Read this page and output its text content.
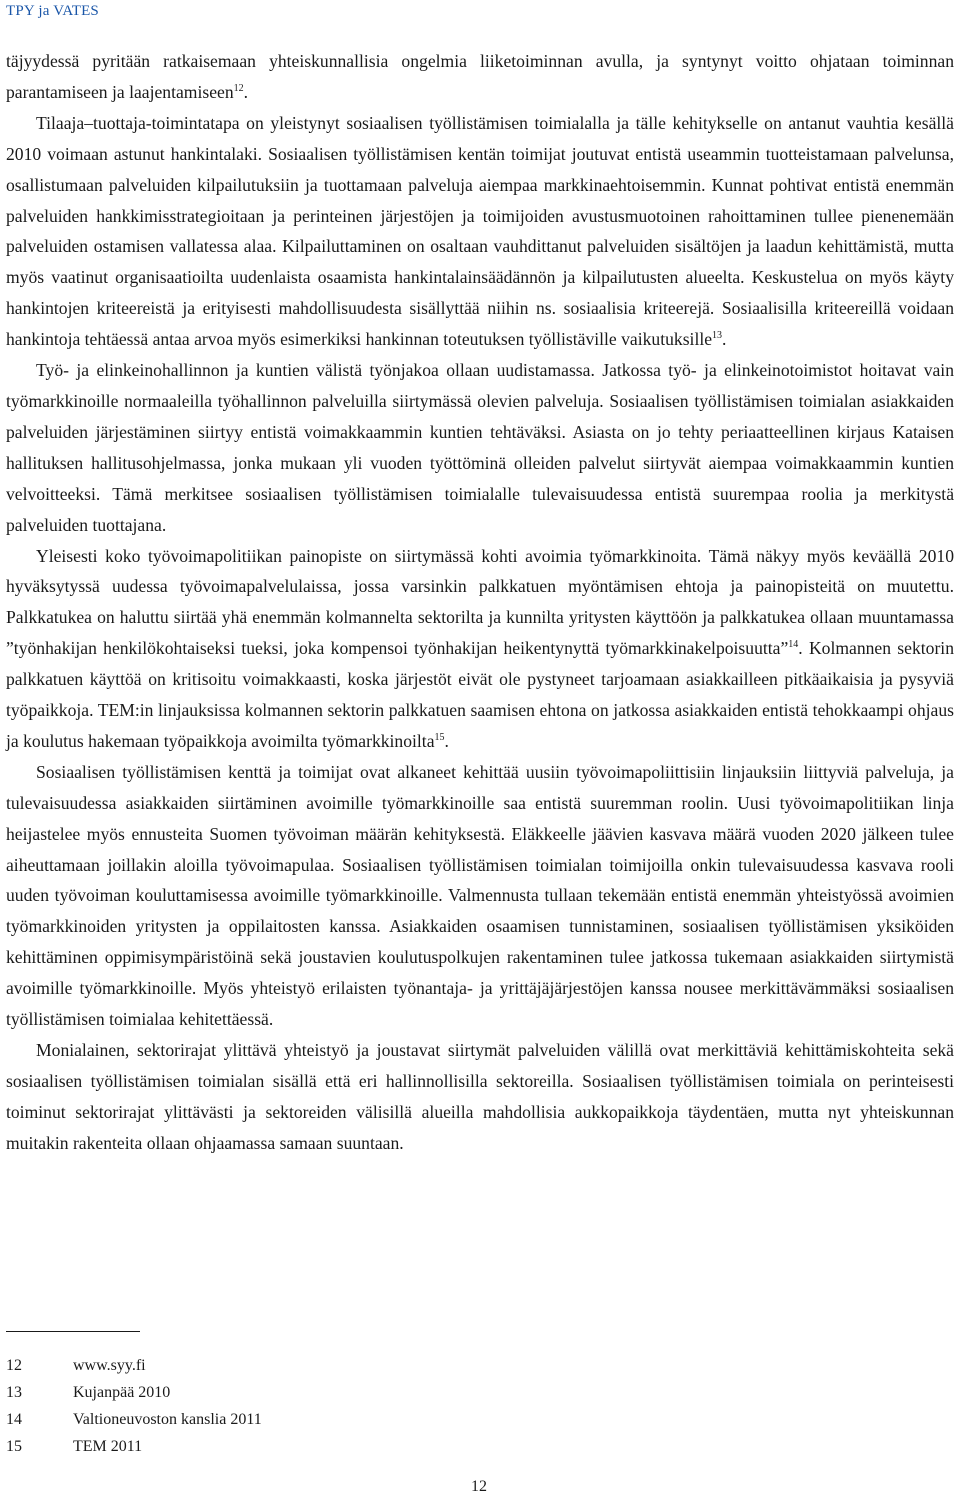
TPY ja VATES

täjyydessä pyritään ratkaisemaan yhteiskunnallisia ongelmia liiketoiminnan avulla, ja syntynyt voitto ohjataan toiminnan parantamiseen ja laajentamiseen$^{12}$.

Tilaaja–tuottaja-toimintatapa on yleistynyt sosiaalisen työllistämisen toimialalla ja tälle kehitykselle on antanut vauhtia kesällä 2010 voimaan astunut hankintalaki. Sosiaalisen työllistämisen kentän toimijat joutuvat entistä useammin tuotteistamaan palvelunsa, osallistumaan palveluiden kilpailutuksiin ja tuottamaan palveluja aiempaa markkinaehtoisemmin. Kunnat pohtivat entistä enemmän palveluiden hankkimisstrategioitaan ja perinteinen järjestöjen ja toimijoiden avustusmuotoinen rahoittaminen tullee pienenemään palveluiden ostamisen vallatessa alaa. Kilpailuttaminen on osaltaan vauhdittanut palveluiden sisältöjen ja laadun kehittämistä, mutta myös vaatinut organisaatioilta uudenlaista osaamista hankintalainsäädännön ja kilpailutusten alueelta. Keskustelua on myös käyty hankintojen kriteereistä ja erityisesti mahdollisuudesta sisällyttää niihin ns. sosiaalisia kriteerejä. Sosiaalisilla kriteereillä voidaan hankintoja tehtäessä antaa arvoa myös esimerkiksi hankinnan toteutuksen työllistäville vaikutuksille$^{13}$.

Työ- ja elinkeinohallinnon ja kuntien välistä työnjakoa ollaan uudistamassa. Jatkossa työ- ja elinkeinotoimistot hoitavat vain työmarkkinoille normaaleilla työhallinnon palveluilla siirtymässä olevien palveluja. Sosiaalisen työllistämisen toimialan asiakkaiden palveluiden järjestäminen siirtyy entistä voimakkaammin kuntien tehtäväksi. Asiasta on jo tehty periaatteellinen kirjaus Kataisen hallituksen hallitusohjelmassa, jonka mukaan yli vuoden työttöminä olleiden palvelut siirtyvät aiempaa voimakkaammin kuntien velvoitteeksi. Tämä merkitsee sosiaalisen työllistämisen toimialalle tulevaisuudessa entistä suurempaa roolia ja merkitystä palveluiden tuottajana.

Yleisesti koko työvoimapolitiikan painopiste on siirtymässä kohti avoimia työmarkkinoita. Tämä näkyy myös keväällä 2010 hyväksytyssä uudessa työvoimapalvelulaissa, jossa varsinkin palkkatuen myöntämisen ehtoja ja painopisteitä on muutettu. Palkkatukea on haluttu siirtää yhä enemmän kolmannelta sektorilta ja kunnilta yritysten käyttöön ja palkkatukea ollaan muuntamassa ”työnhakijan henkilökohtaiseksi tueksi, joka kompensoi työnhakijan heikentynyttä työmarkkinakelpoisuutta”$^{14}$. Kolmannen sektorin palkkatuen käyttöä on kritisoitu voimakkaasti, koska järjestöt eivät ole pystyneet tarjoamaan asiakkailleen pitkäaikaisia ja pysyviä työpaikkoja. TEM:in linjauksissa kolmannen sektorin palkkatuen saamisen ehtona on jatkossa asiakkaiden entistä tehokkaampi ohjaus ja koulutus hakemaan työpaikkoja avoimilta työmarkkinoilta$^{15}$.

Sosiaalisen työllistämisen kenttä ja toimijat ovat alkaneet kehittää uusiin työvoimapoliittisiin linjauksiin liittyviä palveluja, ja tulevaisuudessa asiakkaiden siirtäminen avoimille työmarkkinoille saa entistä suuremman roolin. Uusi työvoimapolitiikan linja heijastelee myös ennusteita Suomen työvoiman määrän kehityksestä. Eläkkeelle jäävien kasvava määrä vuoden 2020 jälkeen tulee aiheuttamaan joillakin aloilla työvoimapulaa. Sosiaalisen työllistämisen toimialan toimijoilla onkin tulevaisuudessa kasvava rooli uuden työvoiman kouluttamisessa avoimille työmarkkinoille. Valmennusta tullaan tekemään entistä enemmän yhteistyössä avoimien työmarkkinoiden yritysten ja oppilaitosten kanssa. Asiakkaiden osaamisen tunnistaminen, sosiaalisen työllistämisen yksiköiden kehittäminen oppimisympäristöinä sekä joustavien koulutuspolkujen rakentaminen tulee jatkossa tukemaan asiakkaiden siirtymistä avoimille työmarkkinoille. Myös yhteistyö erilaisten työnantaja- ja yrittäjäjärjestöjen kanssa nousee merkittävämmäksi sosiaalisen työllistämisen toimialaa kehitettäessä.

Monialainen, sektorirajat ylittävä yhteistyö ja joustavat siirtymät palveluiden välillä ovat merkittäviä kehittämiskohteita sekä sosiaalisen työllistämisen toimialan sisällä että eri hallinnollisilla sektoreilla. Sosiaalisen työllistämisen toimiala on perinteisesti toiminut sektorirajat ylittävästi ja sektoreiden välisillä alueilla mahdollisia aukkopaikkoja täydentäen, mutta nyt yhteiskunnan muitakin rakenteita ollaan ohjaamassa samaan suuntaan.

12	www.syy.fi
13	Kujanpää 2010
14	Valtioneuvoston kanslia 2011
15	TEM 2011
12
